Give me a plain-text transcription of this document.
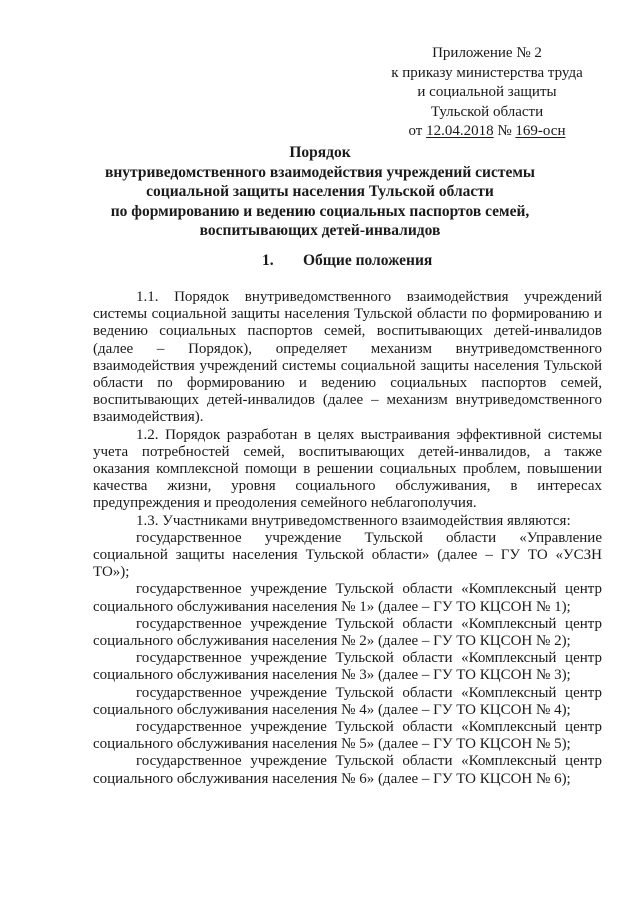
Приложение № 2
к приказу министерства труда
и социальной защиты
Тульской области
от 12.04.2018 № 169-осн
Порядок
внутриведомственного взаимодействия учреждений системы
социальной защиты населения Тульской области
по формированию и ведению социальных паспортов семей,
воспитывающих детей-инвалидов
1. Общие положения

1.1. Порядок внутриведомственного взаимодействия учреждений системы социальной защиты населения Тульской области по формированию и ведению социальных паспортов семей, воспитывающих детей-инвалидов (далее – Порядок), определяет механизм внутриведомственного взаимодействия учреждений системы социальной защиты населения Тульской области по формированию и ведению социальных паспортов семей, воспитывающих детей-инвалидов (далее – механизм внутриведомственного взаимодействия).

1.2. Порядок разработан в целях выстраивания эффективной системы учета потребностей семей, воспитывающих детей-инвалидов, а также оказания комплексной помощи в решении социальных проблем, повышении качества жизни, уровня социального обслуживания, в интересах предупреждения и преодоления семейного неблагополучия.

1.3. Участниками внутриведомственного взаимодействия являются:

государственное учреждение Тульской области «Управление социальной защиты населения Тульской области» (далее – ГУ ТО «УСЗН ТО»);

государственное учреждение Тульской области «Комплексный центр социального обслуживания населения № 1» (далее – ГУ ТО КЦСОН № 1);

государственное учреждение Тульской области «Комплексный центр социального обслуживания населения № 2» (далее – ГУ ТО КЦСОН № 2);

государственное учреждение Тульской области «Комплексный центр социального обслуживания населения № 3» (далее – ГУ ТО КЦСОН № 3);

государственное учреждение Тульской области «Комплексный центр социального обслуживания населения № 4» (далее – ГУ ТО КЦСОН № 4);

государственное учреждение Тульской области «Комплексный центр социального обслуживания населения № 5» (далее – ГУ ТО КЦСОН № 5);

государственное учреждение Тульской области «Комплексный центр социального обслуживания населения № 6» (далее – ГУ ТО КЦСОН № 6);
